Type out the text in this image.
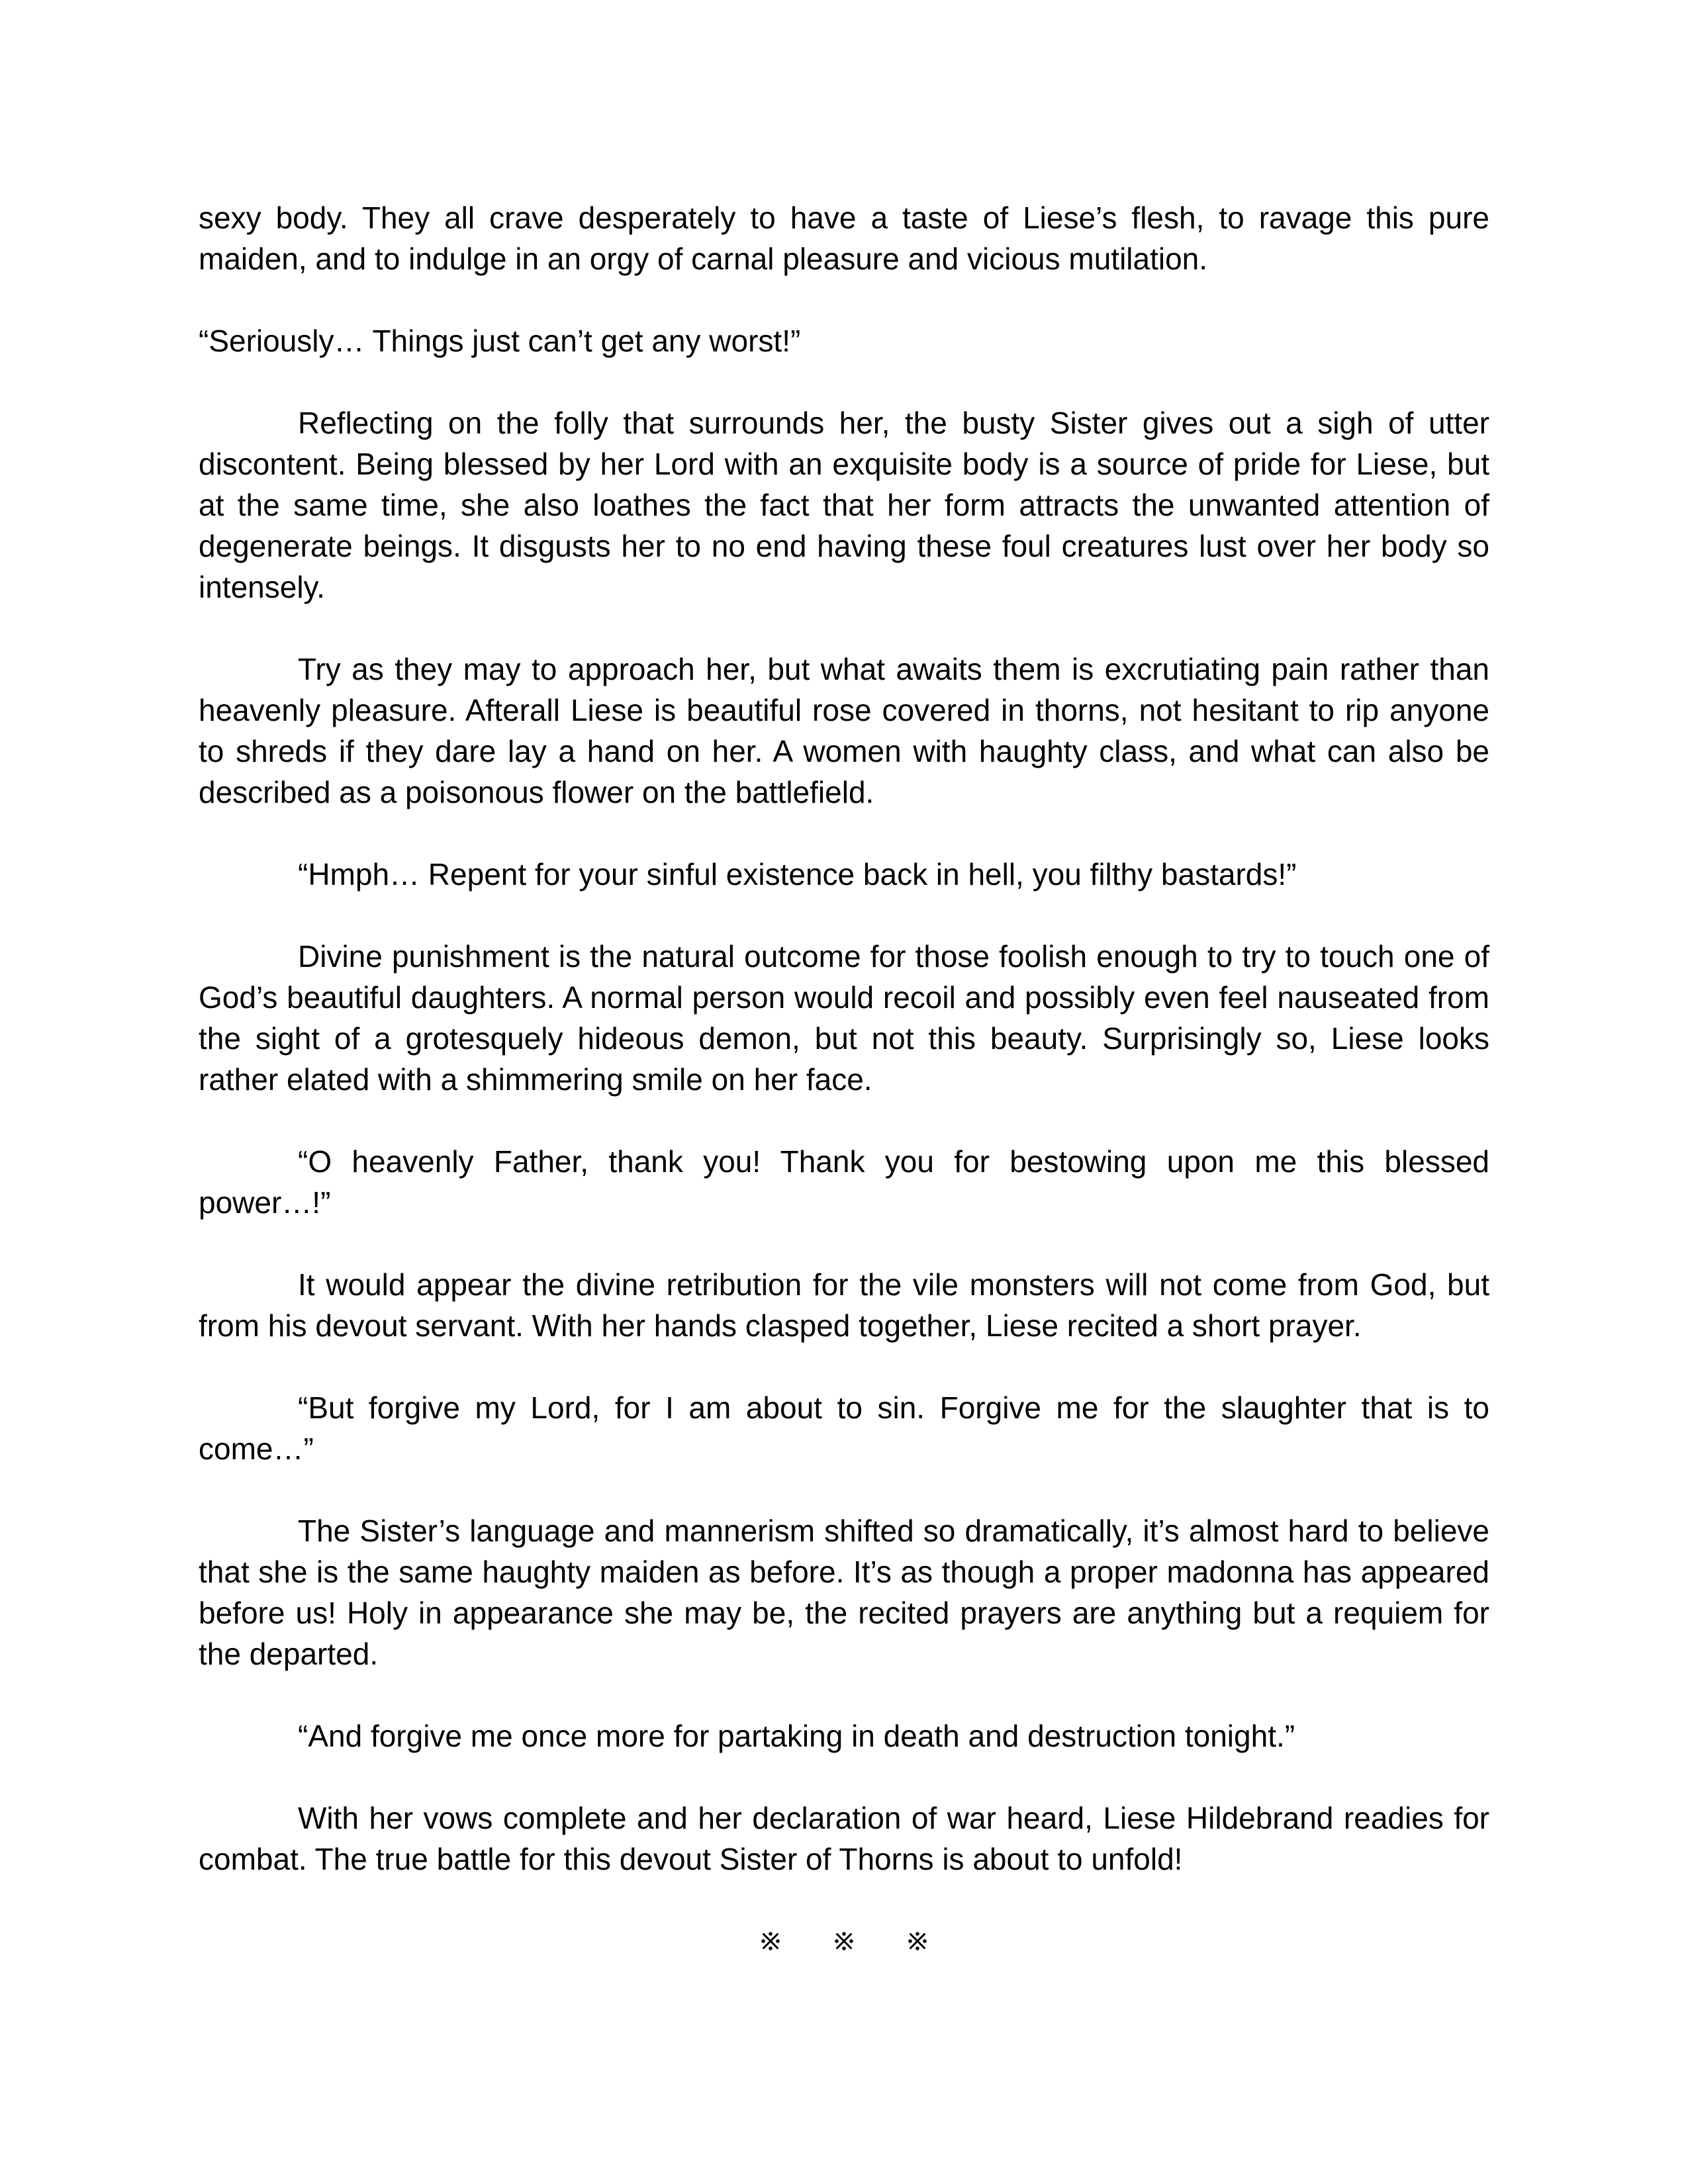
sexy body. They all crave desperately to have a taste of Liese’s flesh, to ravage this pure maiden, and to indulge in an orgy of carnal pleasure and vicious mutilation.

“Seriously… Things just can’t get any worst!”

Reflecting on the folly that surrounds her, the busty Sister gives out a sigh of utter discontent. Being blessed by her Lord with an exquisite body is a source of pride for Liese, but at the same time, she also loathes the fact that her form attracts the unwanted attention of degenerate beings. It disgusts her to no end having these foul creatures lust over her body so intensely.

Try as they may to approach her, but what awaits them is excrutiating pain rather than heavenly pleasure. Afterall Liese is beautiful rose covered in thorns, not hesitant to rip anyone to shreds if they dare lay a hand on her. A women with haughty class, and what can also be described as a poisonous flower on the battlefield.

“Hmph… Repent for your sinful existence back in hell, you filthy bastards!”

Divine punishment is the natural outcome for those foolish enough to try to touch one of God’s beautiful daughters. A normal person would recoil and possibly even feel nauseated from the sight of a grotesquely hideous demon, but not this beauty. Surprisingly so, Liese looks rather elated with a shimmering smile on her face.

“O heavenly Father, thank you! Thank you for bestowing upon me this blessed power…!”

It would appear the divine retribution for the vile monsters will not come from God, but from his devout servant. With her hands clasped together, Liese recited a short prayer.

“But forgive my Lord, for I am about to sin. Forgive me for the slaughter that is to come…”

The Sister’s language and mannerism shifted so dramatically, it’s almost hard to believe that she is the same haughty maiden as before. It’s as though a proper madonna has appeared before us! Holy in appearance she may be, the recited prayers are anything but a requiem for the departed.

“And forgive me once more for partaking in death and destruction tonight.”

With her vows complete and her declaration of war heard, Liese Hildebrand readies for combat. The true battle for this devout Sister of Thorns is about to unfold!
